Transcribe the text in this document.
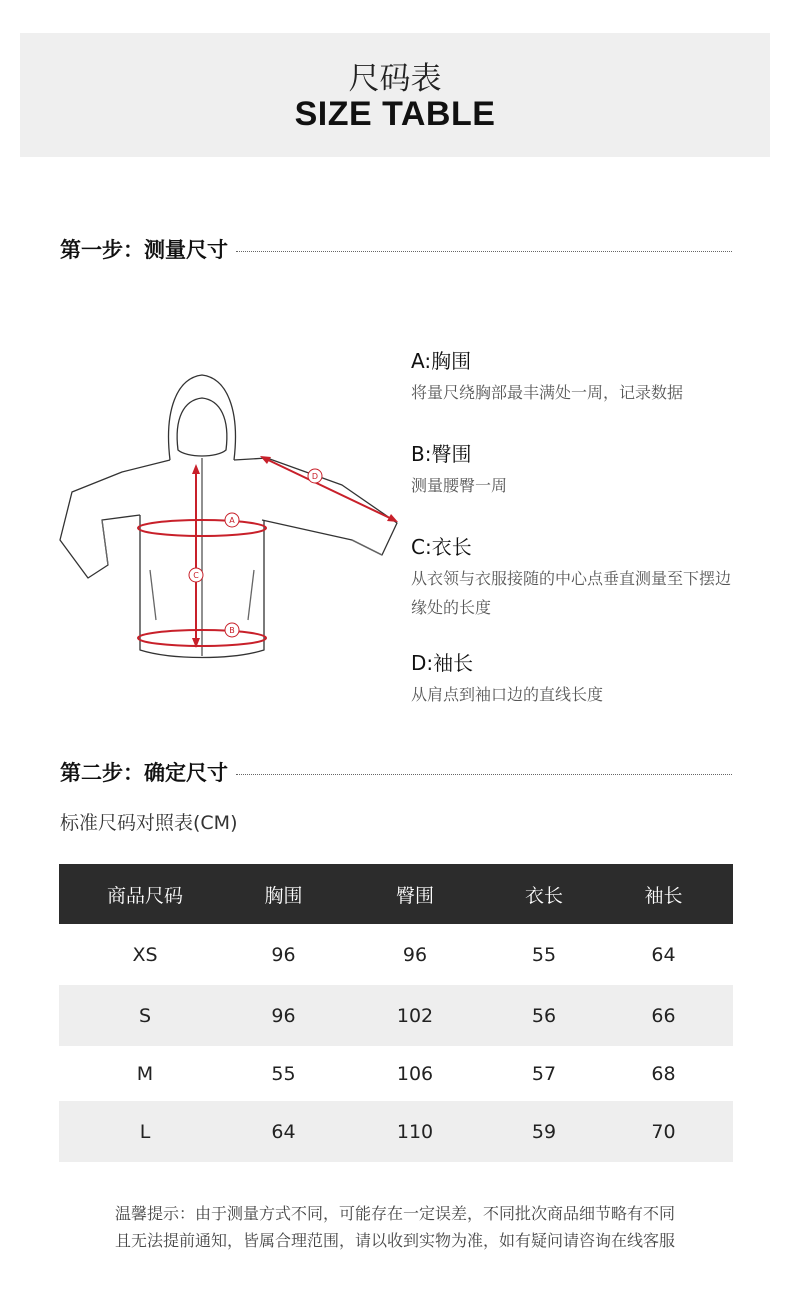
尺码表
SIZE TABLE
第一步：测量尺寸
A
B
C
D
A:胸围
将量尺绕胸部最丰满处一周，记录数据
B:臀围
测量腰臀一周
C:衣长
从衣领与衣服接随的中心点垂直测量至下摆边缘处的长度
D:袖长
从肩点到袖口边的直线长度
第二步：确定尺寸
标准尺码对照表(CM)
商品尺码	胸围	臀围	衣长	袖长
XS	96	96	55	64
S	96	102	56	66
M	55	106	57	68
L	64	110	59	70
温馨提示：由于测量方式不同，可能存在一定误差，不同批次商品细节略有不同
且无法提前通知，皆属合理范围，请以收到实物为准，如有疑问请咨询在线客服
